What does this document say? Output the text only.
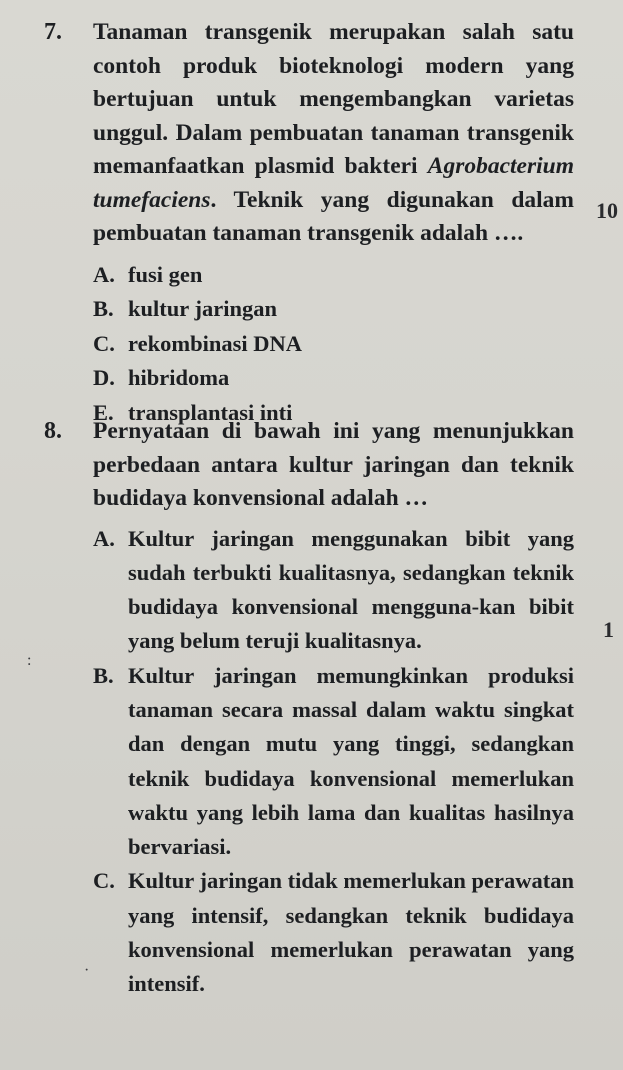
7. Tanaman transgenik merupakan salah satu contoh produk bioteknologi modern yang bertujuan untuk mengembangkan varietas unggul. Dalam pembuatan tanaman transgenik memanfaatkan plasmid bakteri Agrobacterium tumefaciens. Teknik yang digunakan dalam pembuatan tanaman transgenik adalah ….
A. fusi gen
B. kultur jaringan
C. rekombinasi DNA
D. hibridoma
E. transplantasi inti
8. Pernyataan di bawah ini yang menunjukkan perbedaan antara kultur jaringan dan teknik budidaya konvensional adalah …
A. Kultur jaringan menggunakan bibit yang sudah terbukti kualitasnya, sedangkan teknik budidaya konvensional mengguna-kan bibit yang belum teruji kualitasnya.
B. Kultur jaringan memungkinkan produksi tanaman secara massal dalam waktu singkat dan dengan mutu yang tinggi, sedangkan teknik budidaya konvensional memerlukan waktu yang lebih lama dan kualitas hasilnya bervariasi.
C. Kultur jaringan tidak memerlukan perawatan yang intensif, sedangkan teknik budidaya konvensional memerlukan perawatan yang intensif.
10
1
:
·
